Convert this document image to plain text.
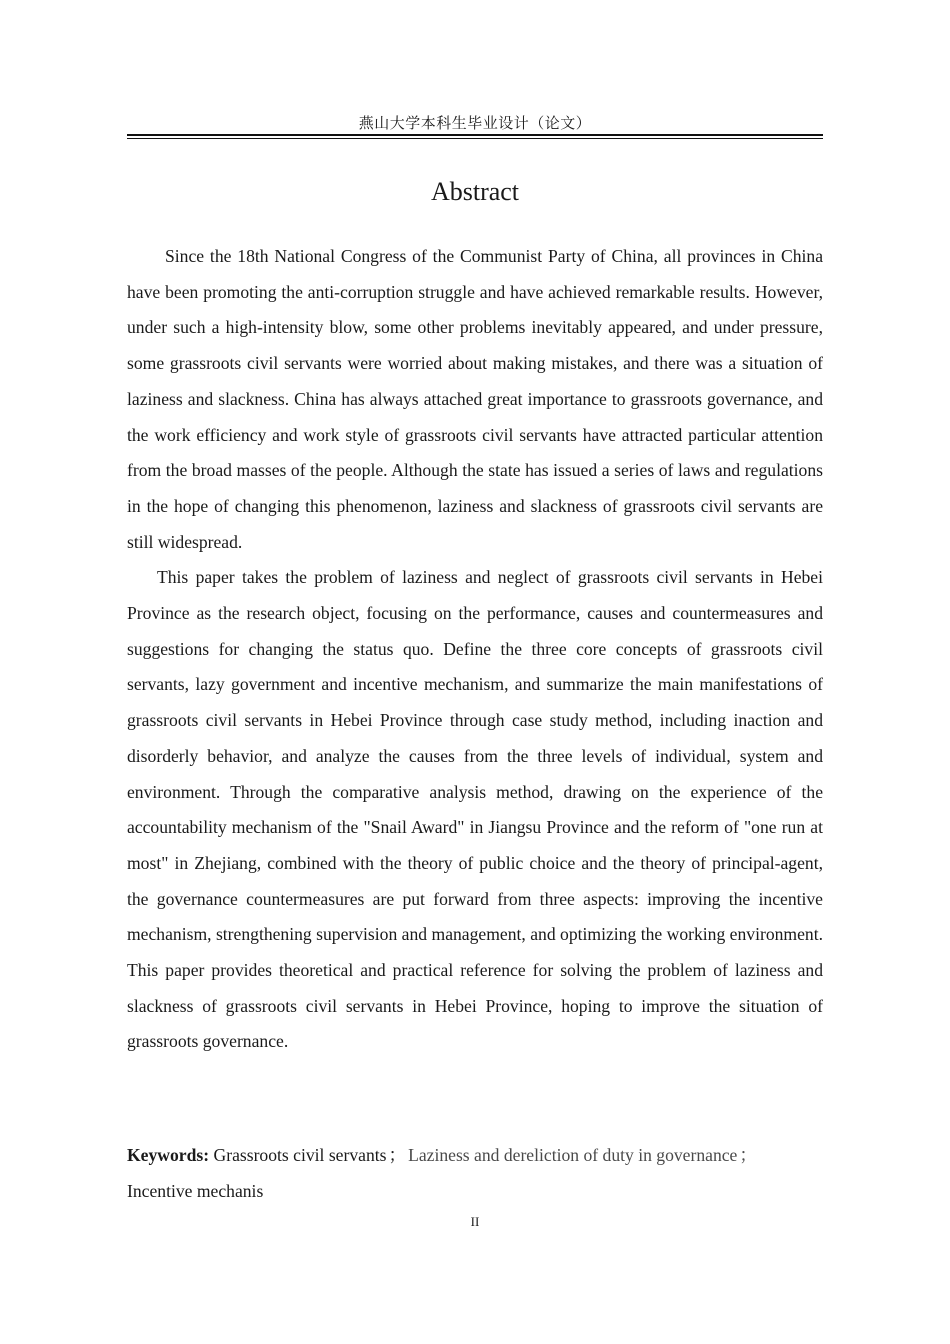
燕山大学本科生毕业设计（论文）
Abstract

Since the 18th National Congress of the Communist Party of China, all provinces in China have been promoting the anti-corruption struggle and have achieved remarkable results. However, under such a high-intensity blow, some other problems inevitably appeared, and under pressure, some grassroots civil servants were worried about making mistakes, and there was a situation of laziness and slackness. China has always attached great importance to grassroots governance, and the work efficiency and work style of grassroots civil servants have attracted particular attention from the broad masses of the people. Although the state has issued a series of laws and regulations in the hope of changing this phenomenon, laziness and slackness of grassroots civil servants are still widespread.

This paper takes the problem of laziness and neglect of grassroots civil servants in Hebei Province as the research object, focusing on the performance, causes and countermeasures and suggestions for changing the status quo. Define the three core concepts of grassroots civil servants, lazy government and incentive mechanism, and summarize the main manifestations of grassroots civil servants in Hebei Province through case study method, including inaction and disorderly behavior, and analyze the causes from the three levels of individual, system and environment. Through the comparative analysis method, drawing on the experience of the accountability mechanism of the "Snail Award" in Jiangsu Province and the reform of "one run at most" in Zhejiang, combined with the theory of public choice and the theory of principal-agent, the governance countermeasures are put forward from three aspects: improving the incentive mechanism, strengthening supervision and management, and optimizing the working environment. This paper provides theoretical and practical reference for solving the problem of laziness and slackness of grassroots civil servants in Hebei Province, hoping to improve the situation of grassroots governance.

Keywords: Grassroots civil servants ； Laziness and dereliction of duty in governance ；
Incentive mechanis
II
